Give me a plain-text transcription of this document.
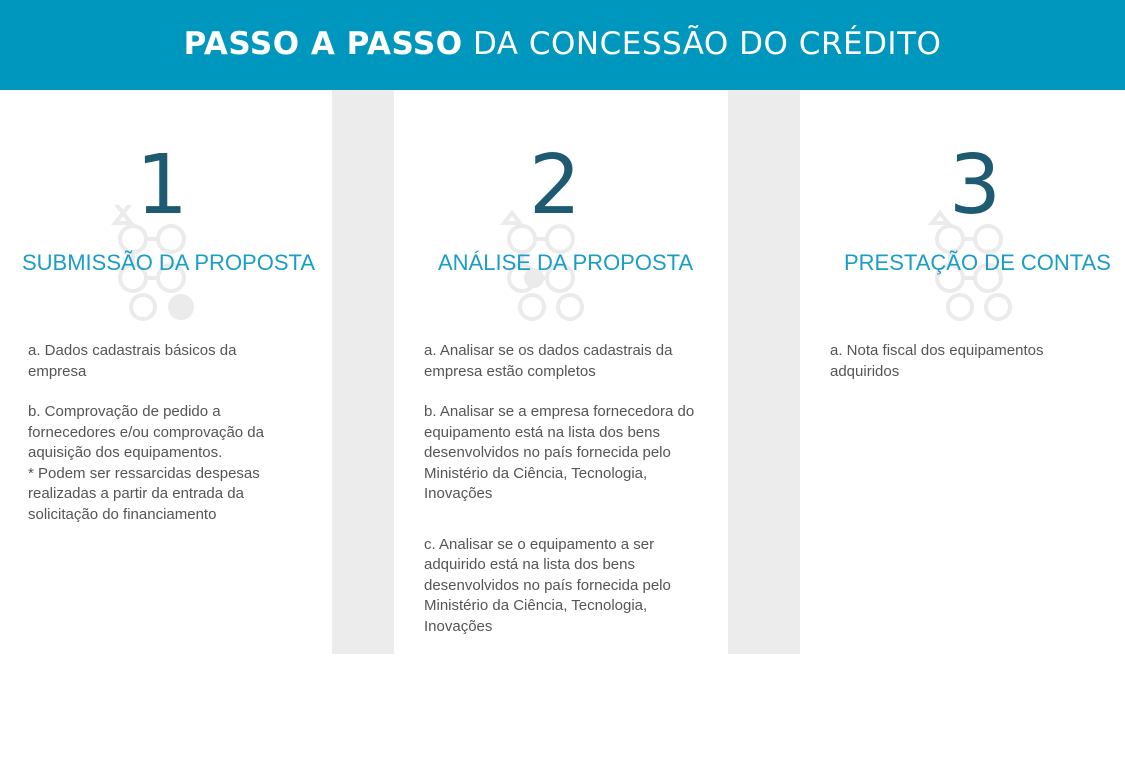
PASSO A PASSO DA CONCESSÃO DO CRÉDITO
1
SUBMISSÃO DA PROPOSTA

a. Dados cadastrais básicos da empresa

b. Comprovação de pedido a fornecedores e/ou comprovação da aquisição dos equipamentos.

* Podem ser ressarcidas despesas realizadas a partir da entrada da solicitação do financiamento

2
ANÁLISE DA PROPOSTA

a. Analisar se os dados cadastrais da empresa estão completos

b. Analisar se a empresa fornecedora do equipamento está na lista dos bens desenvolvidos no país fornecida pelo Ministério da Ciência, Tecnologia, Inovações

c. Analisar se o equipamento a ser adquirido está na lista dos bens desenvolvidos no país fornecida pelo Ministério da Ciência, Tecnologia, Inovações

3
PRESTAÇÃO DE CONTAS

a. Nota fiscal dos equipamentos adquiridos
